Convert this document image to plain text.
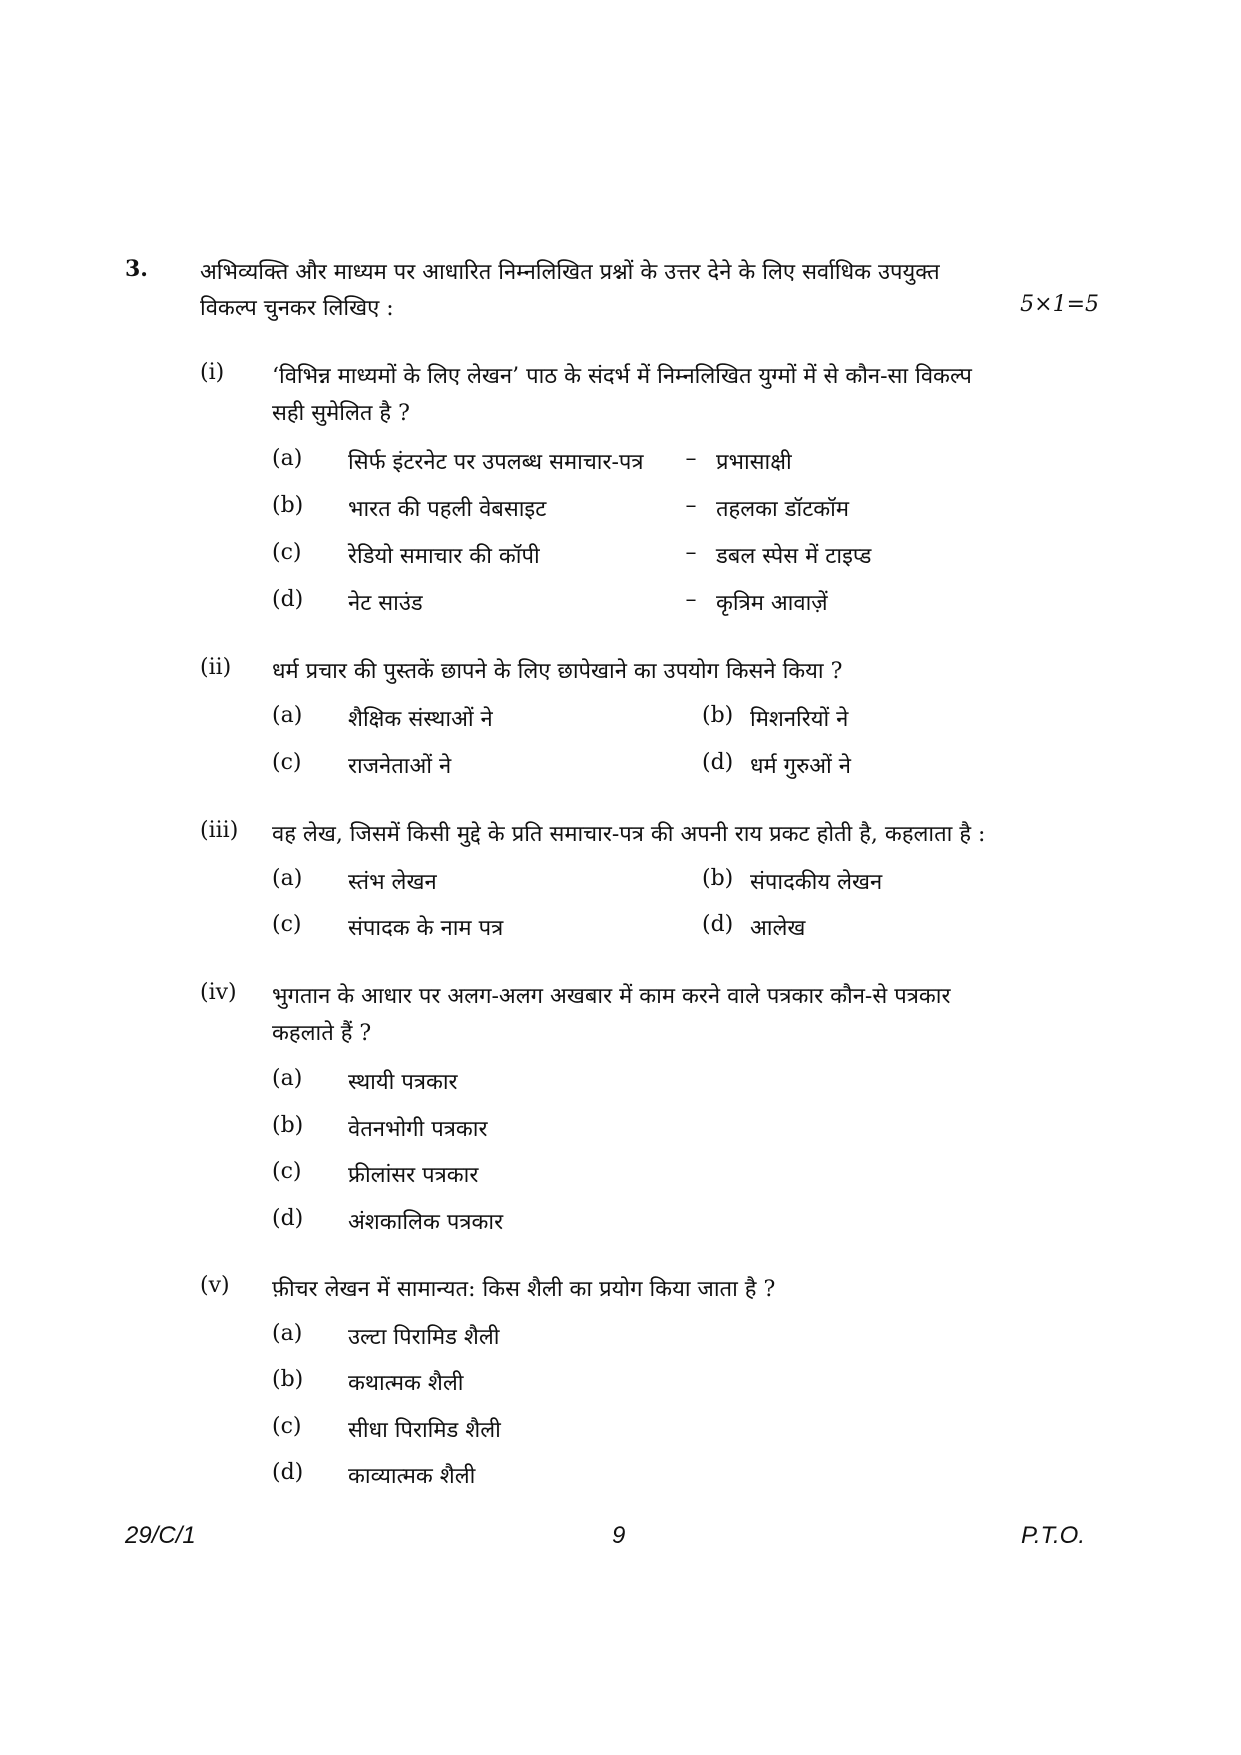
3. अभिव्यक्ति और माध्यम पर आधारित निम्नलिखित प्रश्नों के उत्तर देने के लिए सर्वाधिक उपयुक्त
विकल्प चुनकर लिखिए :	5×1=5
(i) ‘विभिन्न माध्यमों के लिए लेखन’ पाठ के संदर्भ में निम्नलिखित युग्मों में से कौन-सा विकल्प
सही सुमेलित है ?
(a) सिर्फ इंटरनेट पर उपलब्ध समाचार-पत्र	– प्रभासाक्षी
(b) भारत की पहली वेबसाइट	– तहलका डॉटकॉम
(c) रेडियो समाचार की कॉपी	– डबल स्पेस में टाइप्ड
(d) नेट साउंड	– कृत्रिम आवाज़ें
(ii) धर्म प्रचार की पुस्तकें छापने के लिए छापेखाने का उपयोग किसने किया ?
(a) शैक्षिक संस्थाओं ने	(b) मिशनरियों ने
(c) राजनेताओं ने	(d) धर्म गुरुओं ने
(iii) वह लेख, जिसमें किसी मुद्दे के प्रति समाचार-पत्र की अपनी राय प्रकट होती है, कहलाता है :
(a) स्तंभ लेखन	(b) संपादकीय लेखन
(c) संपादक के नाम पत्र	(d) आलेख
(iv) भुगतान के आधार पर अलग-अलग अखबार में काम करने वाले पत्रकार कौन-से पत्रकार
कहलाते हैं ?
(a) स्थायी पत्रकार
(b) वेतनभोगी पत्रकार
(c) फ्रीलांसर पत्रकार
(d) अंशकालिक पत्रकार
(v) फ़ीचर लेखन में सामान्यत: किस शैली का प्रयोग किया जाता है ?
(a) उल्टा पिरामिड शैली
(b) कथात्मक शैली
(c) सीधा पिरामिड शैली
(d) काव्यात्मक शैली
29/C/1	9	P.T.O.
